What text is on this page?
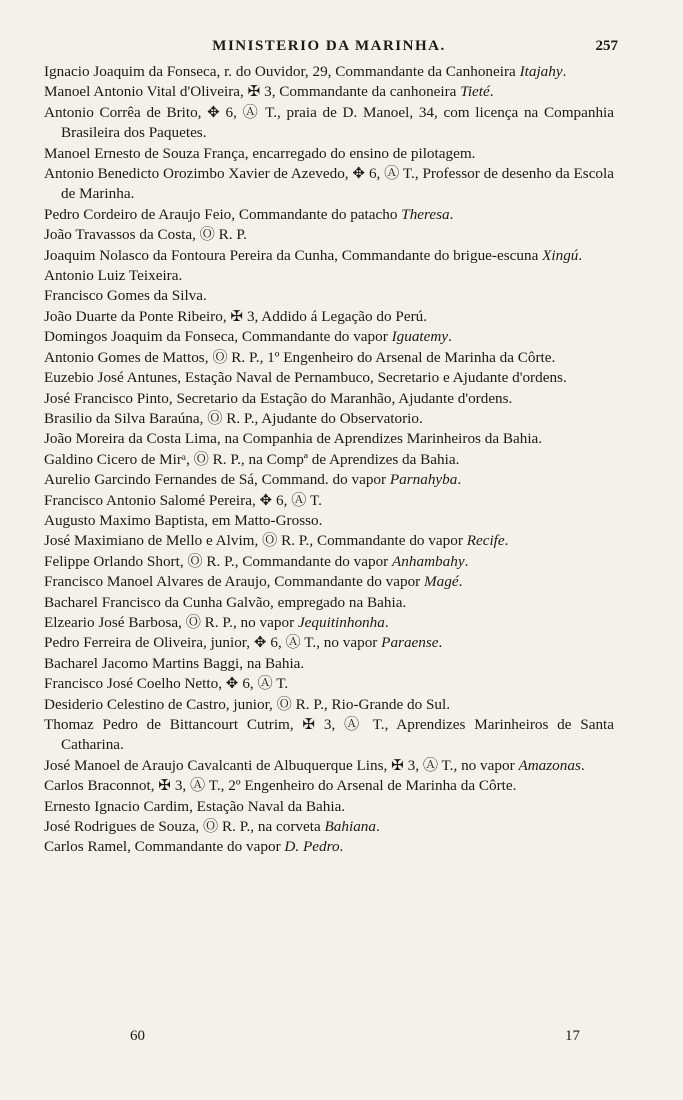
MINISTERIO DA MARINHA.	257
Ignacio Joaquim da Fonseca, r. do Ouvidor, 29, Commandante da Canhoneira Itajahy.
Manoel Antonio Vital d'Oliveira, ✠ 3, Commandante da canhoneira Tieté.
Antonio Corrêa de Brito, ✥ 6, Ⓐ T., praia de D. Manoel, 34, com licença na Companhia Brasileira dos Paquetes.
Manoel Ernesto de Souza França, encarregado do ensino de pilotagem.
Antonio Benedicto Orozimbo Xavier de Azevedo, ✥ 6, Ⓐ T., Professor de desenho da Escola de Marinha.
Pedro Cordeiro de Araujo Feio, Commandante do patacho Theresa.
João Travassos da Costa, Ⓞ R. P.
Joaquim Nolasco da Fontoura Pereira da Cunha, Commandante do brigue-escuna Xingú.
Antonio Luiz Teixeira.
Francisco Gomes da Silva.
João Duarte da Ponte Ribeiro, ✠ 3, Addido á Legação do Perú.
Domingos Joaquim da Fonseca, Commandante do vapor Iguatemy.
Antonio Gomes de Mattos, Ⓞ R. P., 1º Engenheiro do Arsenal de Marinha da Côrte.
Euzebio José Antunes, Estação Naval de Pernambuco, Secretario e Ajudante d'ordens.
José Francisco Pinto, Secretario da Estação do Maranhão, Ajudante d'ordens.
Brasilio da Silva Baraúna, Ⓞ R. P., Ajudante do Observatorio.
João Moreira da Costa Lima, na Companhia de Aprendizes Marinheiros da Bahia.
Galdino Cicero de Mirᵃ, Ⓞ R. P., na Compª de Aprendizes da Bahia.
Aurelio Garcindo Fernandes de Sá, Command. do vapor Parnahyba.
Francisco Antonio Salomé Pereira, ✥ 6, Ⓐ T.
Augusto Maximo Baptista, em Matto-Grosso.
José Maximiano de Mello e Alvim, Ⓞ R. P., Commandante do vapor Recife.
Felippe Orlando Short, Ⓞ R. P., Commandante do vapor Anhambahy.
Francisco Manoel Alvares de Araujo, Commandante do vapor Magé.
Bacharel Francisco da Cunha Galvão, empregado na Bahia.
Elzeario José Barbosa, Ⓞ R. P., no vapor Jequitinhonha.
Pedro Ferreira de Oliveira, junior, ✥ 6, Ⓐ T., no vapor Paraense.
Bacharel Jacomo Martins Baggi, na Bahia.
Francisco José Coelho Netto, ✥ 6, Ⓐ T.
Desiderio Celestino de Castro, junior, Ⓞ R. P., Rio-Grande do Sul.
Thomaz Pedro de Bittancourt Cutrim, ✠ 3, Ⓐ T., Aprendizes Marinheiros de Santa Catharina.
José Manoel de Araujo Cavalcanti de Albuquerque Lins, ✠ 3, Ⓐ T., no vapor Amazonas.
Carlos Braconnot, ✠ 3, Ⓐ T., 2º Engenheiro do Arsenal de Marinha da Côrte.
Ernesto Ignacio Cardim, Estação Naval da Bahia.
José Rodrigues de Souza, Ⓞ R. P., na corveta Bahiana.
Carlos Ramel, Commandante do vapor D. Pedro.
60	17
